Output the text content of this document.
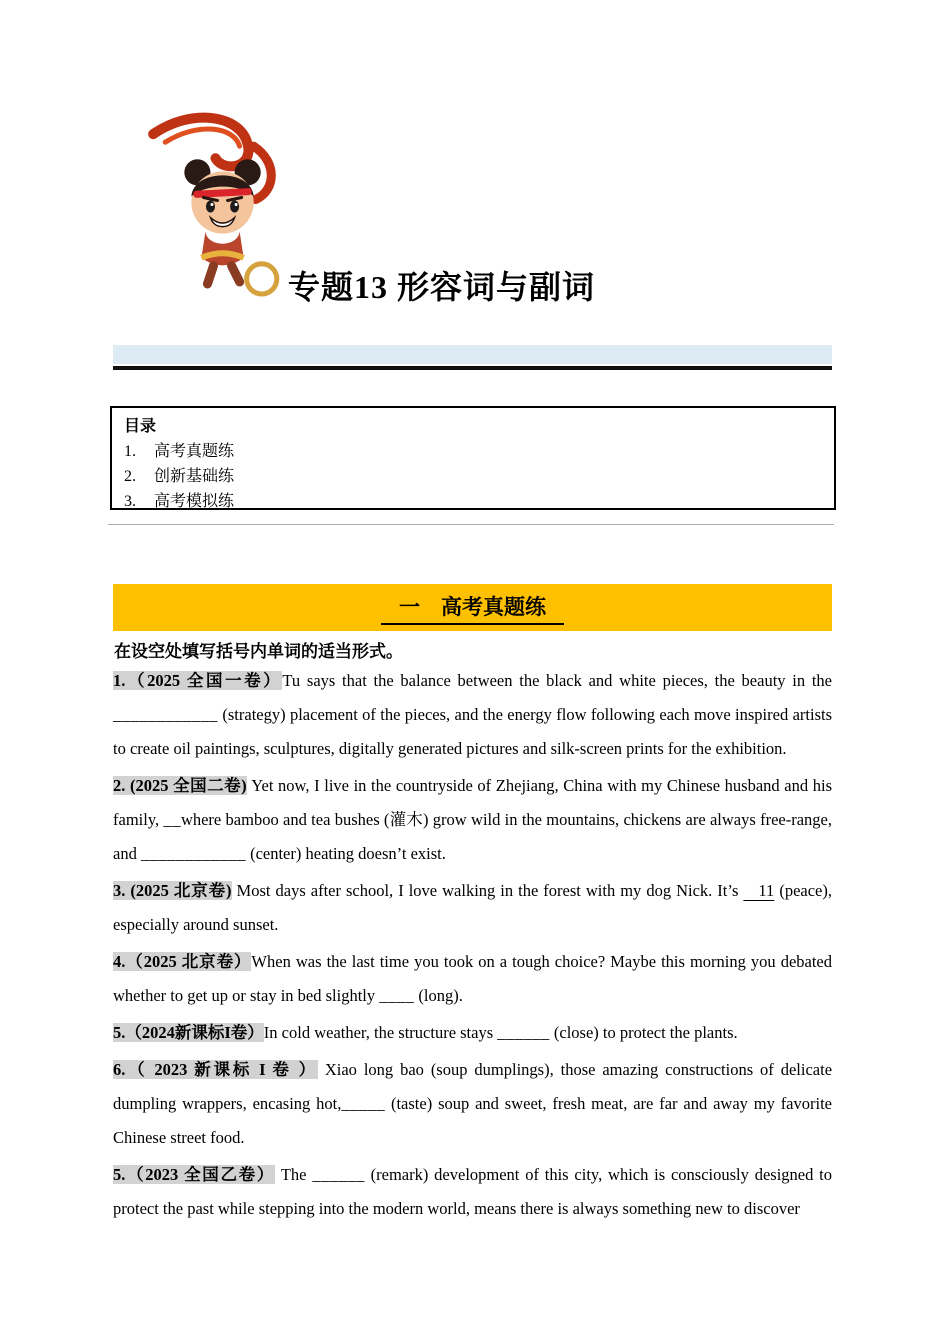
专题13 形容词与副词
目录
1. 高考真题练
2. 创新基础练
3. 高考模拟练
一　高考真题练

在设空处填写括号内单词的适当形式。

1.（2025 全国一卷）Tu says that the balance between the black and white pieces, the beauty in the ____________ (strategy) placement of the pieces, and the energy flow following each move inspired artists to create oil paintings, sculptures, digitally generated pictures and silk-screen prints for the exhibition.

2. (2025 全国二卷) Yet now, I live in the countryside of Zhejiang, China with my Chinese husband and his family, __where bamboo and tea bushes (灌木) grow wild in the mountains, chickens are always free-range, and ____________ (center) heating doesn’t exist.

3. (2025 北京卷) Most days after school, I love walking in the forest with my dog Nick. It’s    11 (peace), especially around sunset.

4.（2025 北京卷）When was the last time you took on a tough choice? Maybe this morning you debated whether to get up or stay in bed slightly ____ (long).

5.（2024新课标I卷）In cold weather, the structure stays ______ (close) to protect the plants.

6.（ 2023 新课标 I 卷 ） Xiao long bao (soup dumplings), those amazing constructions of delicate dumpling wrappers, encasing hot,_____ (taste) soup and sweet, fresh meat, are far and away my favorite Chinese street food.

5.（2023 全国乙卷） The ______ (remark) development of this city, which is consciously designed to protect the past while stepping into the modern world, means there is always something new to discover
